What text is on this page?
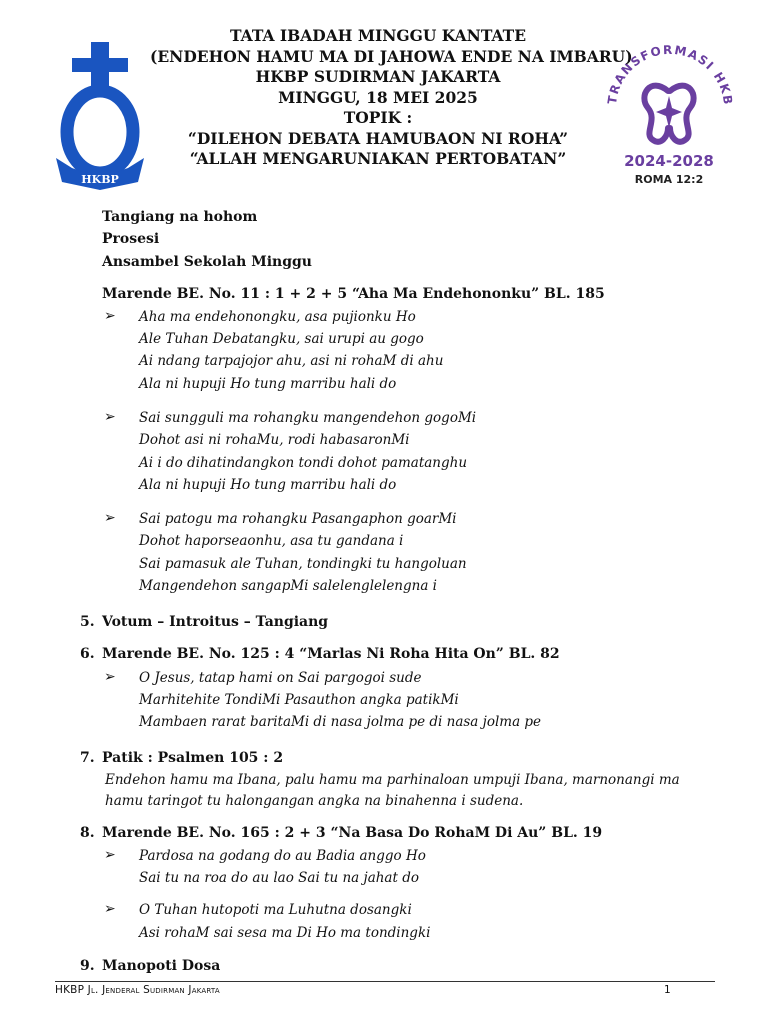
HKBP
TRANSFORMASI HKB
2024-2028
ROMA 12:2
TATA IBADAH MINGGU KANTATE
(ENDEHON HAMU MA DI JAHOWA ENDE NA IMBARU)
HKBP SUDIRMAN JAKARTA
MINGGU, 18 MEI 2025
TOPIK :
“DILEHON DEBATA HAMUBAON NI ROHA”
“ALLAH MENGARUNIAKAN PERTOBATAN”
Tangiang na hohom
Prosesi
Ansambel Sekolah Minggu
Marende BE. No. 11 : 1 + 2 + 5 “Aha Ma Endehononku” BL. 185
➢ Aha ma endehonongku, asa pujionku Ho
Ale Tuhan Debatangku, sai urupi au gogo
Ai ndang tarpajojor ahu, asi ni rohaM di ahu
Ala ni hupuji Ho tung marribu hali do
➢ Sai sungguli ma rohangku mangendehon gogoMi
Dohot asi ni rohaMu, rodi habasaronMi
Ai i do dihatindangkon tondi dohot pamatanghu
Ala ni hupuji Ho tung marribu hali do
➢ Sai patogu ma rohangku Pasangaphon goarMi
Dohot haporseaonhu, asa tu gandana i
Sai pamasuk ale Tuhan, tondingki tu hangoluan
Mangendehon sangapMi salelenglelengna i
5. Votum – Introitus – Tangiang
6. Marende BE. No. 125 : 4 “Marlas Ni Roha Hita On” BL. 82
➢ O Jesus, tatap hami on Sai pargogoi sude
Marhitehite TondiMi Pasauthon angka patikMi
Mambaen rarat baritaMi di nasa jolma pe di nasa jolma pe
7. Patik : Psalmen 105 : 2
Endehon hamu ma Ibana, palu hamu ma parhinaloan umpuji Ibana, marnonangi ma hamu taringot tu halongangan angka na binahenna i sudena.
8. Marende BE. No. 165 : 2 + 3 “Na Basa Do RohaM Di Au” BL. 19
➢ Pardosa na godang do au Badia anggo Ho
Sai tu na roa do au lao Sai tu na jahat do
➢ O Tuhan hutopoti ma Luhutna dosangki
Asi rohaM sai sesa ma Di Ho ma tondingki
9. Manopoti Dosa
HKBP Jl. Jenderal Sudirman Jakarta	1
